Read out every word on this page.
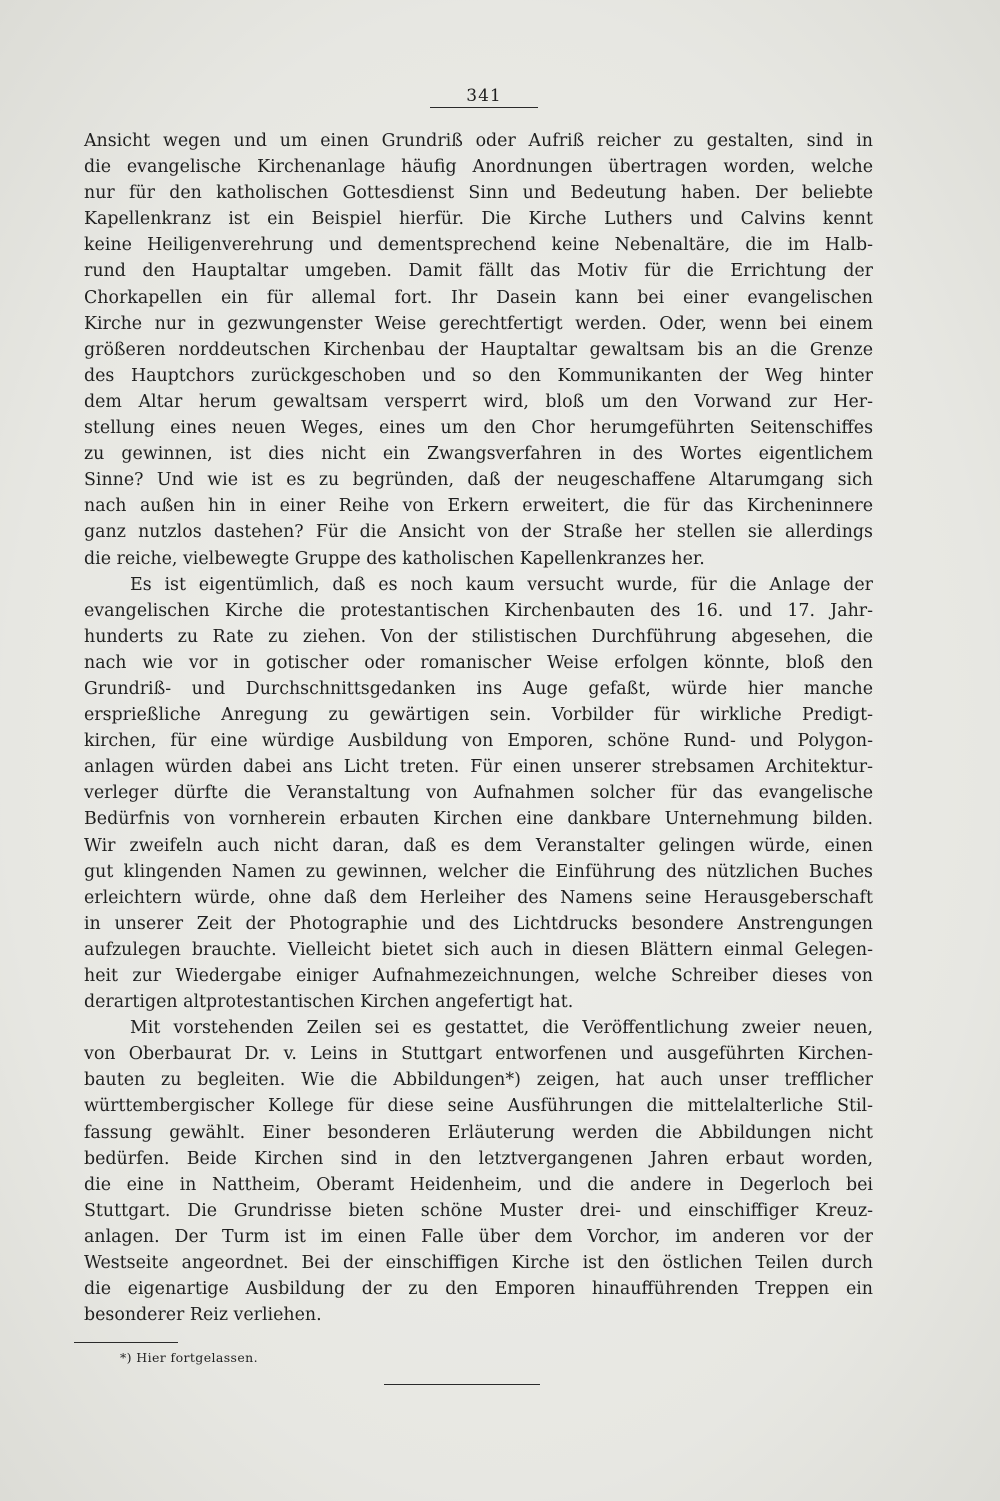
341
Ansicht wegen und um einen Grundriß oder Aufriß reicher zu gestalten, sind in
die evangelische Kirchenanlage häufig Anordnungen übertragen worden, welche
nur für den katholischen Gottesdienst Sinn und Bedeutung haben. Der beliebte
Kapellenkranz ist ein Beispiel hierfür. Die Kirche Luthers und Calvins kennt
keine Heiligenverehrung und dementsprechend keine Nebenaltäre, die im Halb-
rund den Hauptaltar umgeben. Damit fällt das Motiv für die Errichtung der
Chorkapellen ein für allemal fort. Ihr Dasein kann bei einer evangelischen
Kirche nur in gezwungenster Weise gerechtfertigt werden. Oder, wenn bei einem
größeren norddeutschen Kirchenbau der Hauptaltar gewaltsam bis an die Grenze
des Hauptchors zurückgeschoben und so den Kommunikanten der Weg hinter
dem Altar herum gewaltsam versperrt wird, bloß um den Vorwand zur Her-
stellung eines neuen Weges, eines um den Chor herumgeführten Seitenschiffes
zu gewinnen, ist dies nicht ein Zwangsverfahren in des Wortes eigentlichem
Sinne? Und wie ist es zu begründen, daß der neugeschaffene Altarumgang sich
nach außen hin in einer Reihe von Erkern erweitert, die für das Kircheninnere
ganz nutzlos dastehen? Für die Ansicht von der Straße her stellen sie allerdings
die reiche, vielbewegte Gruppe des katholischen Kapellenkranzes her.
Es ist eigentümlich, daß es noch kaum versucht wurde, für die Anlage der
evangelischen Kirche die protestantischen Kirchenbauten des 16. und 17. Jahr-
hunderts zu Rate zu ziehen. Von der stilistischen Durchführung abgesehen, die
nach wie vor in gotischer oder romanischer Weise erfolgen könnte, bloß den
Grundriß- und Durchschnittsgedanken ins Auge gefaßt, würde hier manche
ersprießliche Anregung zu gewärtigen sein. Vorbilder für wirkliche Predigt-
kirchen, für eine würdige Ausbildung von Emporen, schöne Rund- und Polygon-
anlagen würden dabei ans Licht treten. Für einen unserer strebsamen Architektur-
verleger dürfte die Veranstaltung von Aufnahmen solcher für das evangelische
Bedürfnis von vornherein erbauten Kirchen eine dankbare Unternehmung bilden.
Wir zweifeln auch nicht daran, daß es dem Veranstalter gelingen würde, einen
gut klingenden Namen zu gewinnen, welcher die Einführung des nützlichen Buches
erleichtern würde, ohne daß dem Herleiher des Namens seine Herausgeberschaft
in unserer Zeit der Photographie und des Lichtdrucks besondere Anstrengungen
aufzulegen brauchte. Vielleicht bietet sich auch in diesen Blättern einmal Gelegen-
heit zur Wiedergabe einiger Aufnahmezeichnungen, welche Schreiber dieses von
derartigen altprotestantischen Kirchen angefertigt hat.
Mit vorstehenden Zeilen sei es gestattet, die Veröffentlichung zweier neuen,
von Oberbaurat Dr. v. Leins in Stuttgart entworfenen und ausgeführten Kirchen-
bauten zu begleiten. Wie die Abbildungen*) zeigen, hat auch unser trefflicher
württembergischer Kollege für diese seine Ausführungen die mittelalterliche Stil-
fassung gewählt. Einer besonderen Erläuterung werden die Abbildungen nicht
bedürfen. Beide Kirchen sind in den letztvergangenen Jahren erbaut worden,
die eine in Nattheim, Oberamt Heidenheim, und die andere in Degerloch bei
Stuttgart. Die Grundrisse bieten schöne Muster drei- und einschiffiger Kreuz-
anlagen. Der Turm ist im einen Falle über dem Vorchor, im anderen vor der
Westseite angeordnet. Bei der einschiffigen Kirche ist den östlichen Teilen durch
die eigenartige Ausbildung der zu den Emporen hinaufführenden Treppen ein
besonderer Reiz verliehen.
*) Hier fortgelassen.
